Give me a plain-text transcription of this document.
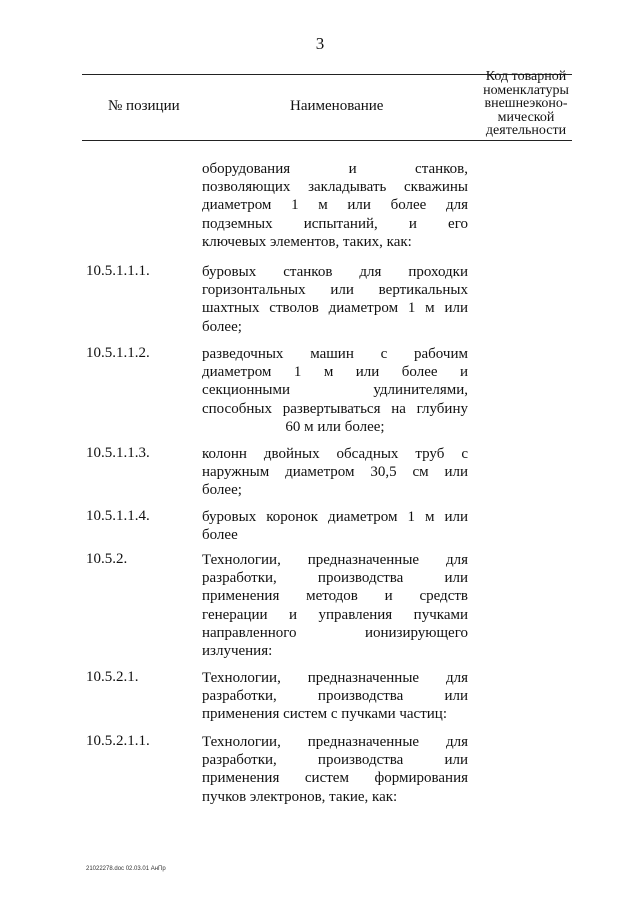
3
№ позиции	Наименование
Код товарной
номенклатуры
внешнеэконо-
мической
деятельности
оборудования и станков,
позволяющих закладывать скважины
диаметром 1 м или более для
подземных испытаний, и его
ключевых элементов, таких, как:
10.5.1.1.1.	буровых станков для проходки
горизонтальных или вертикальных
шахтных стволов диаметром 1 м или
более;
10.5.1.1.2.	разведочных машин с рабочим
диаметром 1 м или более и
секционными удлинителями,
способных развертываться на глубину
60 м или более;
10.5.1.1.3.	колонн двойных обсадных труб с
наружным диаметром 30,5 см или
более;
10.5.1.1.4.	буровых коронок диаметром 1 м или
более
10.5.2.	Технологии, предназначенные для
разработки, производства или
применения методов и средств
генерации и управления пучками
направленного ионизирующего
излучения:
10.5.2.1.	Технологии, предназначенные для
разработки, производства или
применения систем с пучками частиц:
10.5.2.1.1.	Технологии, предназначенные для
разработки, производства или
применения систем формирования
пучков электронов, такие, как:
21022278.doc 02.03.01 АнПр
